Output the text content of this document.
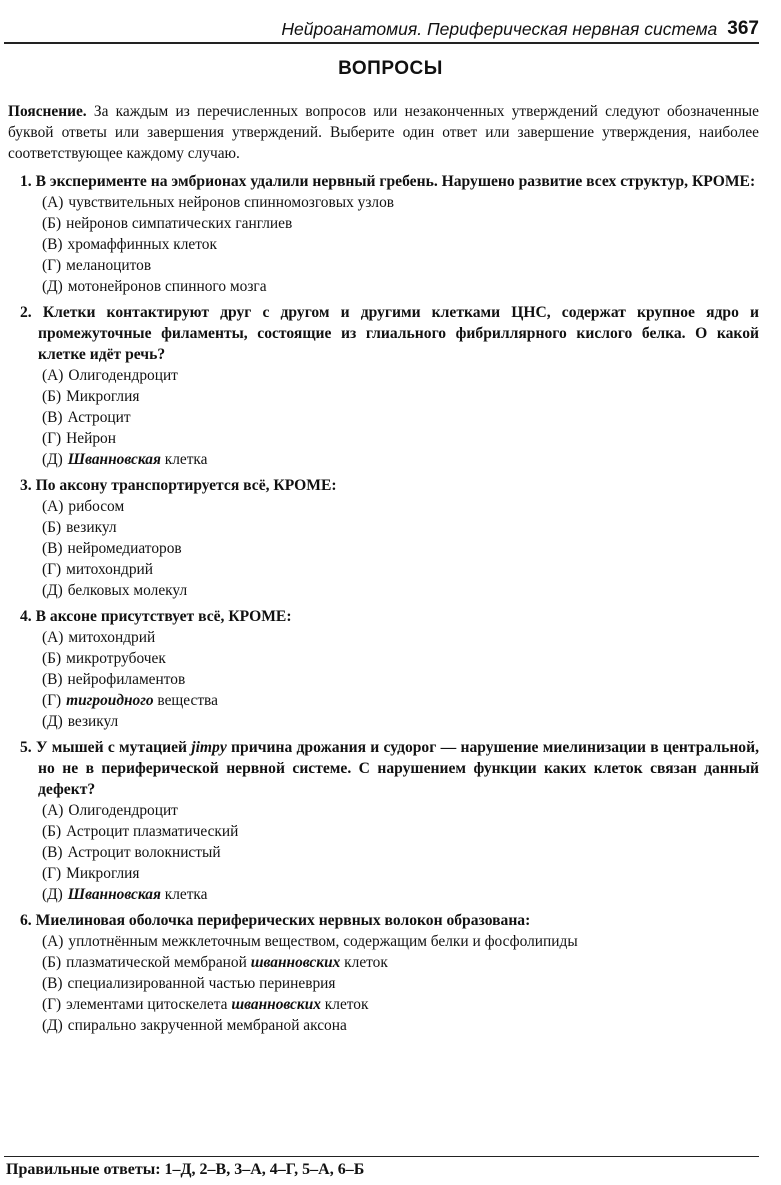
Нейроанатомия. Периферическая нервная система 367
ВОПРОСЫ
Пояснение. За каждым из перечисленных вопросов или незаконченных утверждений следуют обозначенные буквой ответы или завершения утверждений. Выберите один ответ или завершение утверждения, наиболее соответствующее каждому случаю.
1. В эксперименте на эмбрионах удалили нервный гребень. Нарушено развитие всех структур, КРОМЕ:
(А) чувствительных нейронов спинномозговых узлов
(Б) нейронов симпатических ганглиев
(В) хромаффинных клеток
(Г) меланоцитов
(Д) мотонейронов спинного мозга
2. Клетки контактируют друг с другом и другими клетками ЦНС, содержат крупное ядро и промежуточные филаменты, состоящие из глиального фибриллярного кислого белка. О какой клетке идёт речь?
(А) Олигодендроцит
(Б) Микроглия
(В) Астроцит
(Г) Нейрон
(Д) Шванновская клетка
3. По аксону транспортируется всё, КРОМЕ:
(А) рибосом
(Б) везикул
(В) нейромедиаторов
(Г) митохондрий
(Д) белковых молекул
4. В аксоне присутствует всё, КРОМЕ:
(А) митохондрий
(Б) микротрубочек
(В) нейрофиламентов
(Г) тигроидного вещества
(Д) везикул
5. У мышей с мутацией jimpy причина дрожания и судорог — нарушение миелинизации в центральной, но не в периферической нервной системе. С нарушением функции каких клеток связан данный дефект?
(А) Олигодендроцит
(Б) Астроцит плазматический
(В) Астроцит волокнистый
(Г) Микроглия
(Д) Шванновская клетка
6. Миелиновая оболочка периферических нервных волокон образована:
(А) уплотнённым межклеточным веществом, содержащим белки и фосфолипиды
(Б) плазматической мембраной шванновских клеток
(В) специализированной частью периневрия
(Г) элементами цитоскелета шванновских клеток
(Д) спирально закрученной мембраной аксона
Правильные ответы: 1–Д, 2–В, 3–А, 4–Г, 5–А, 6–Б
